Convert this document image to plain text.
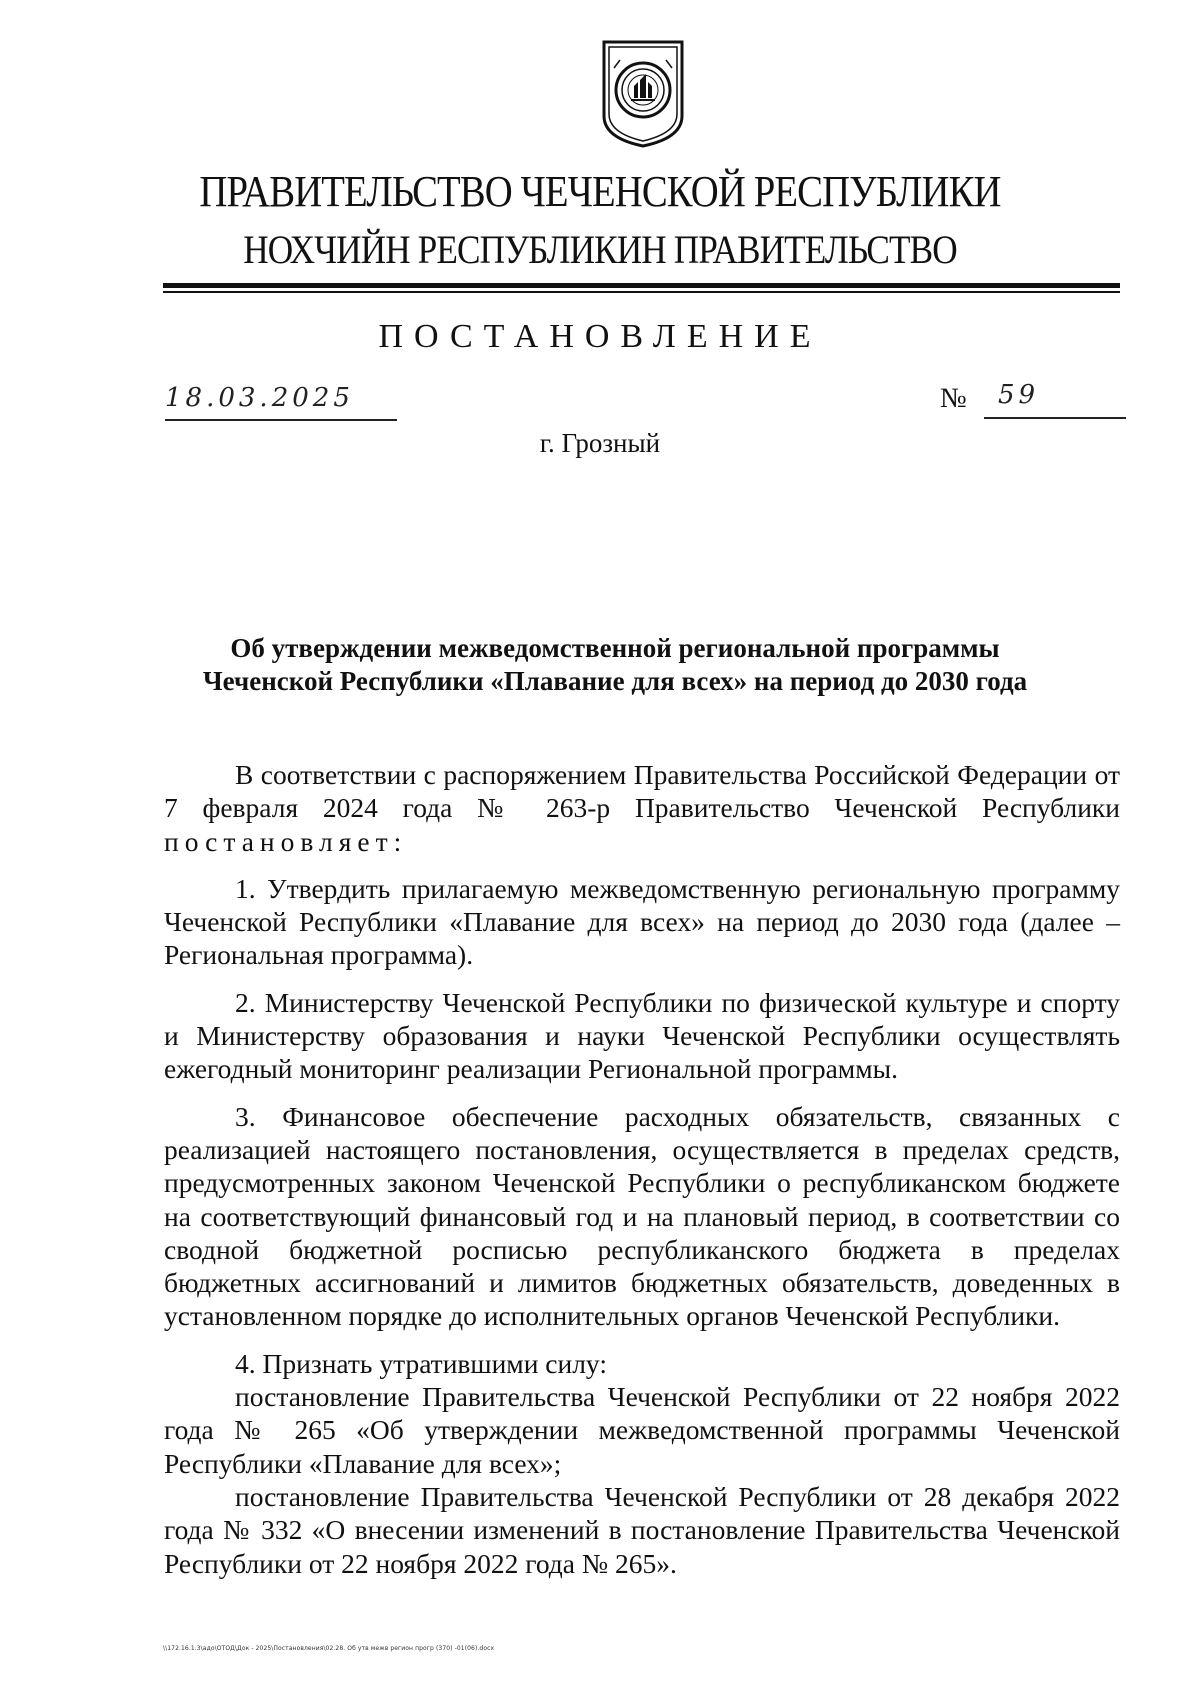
ПРАВИТЕЛЬСТВО ЧЕЧЕНСКОЙ РЕСПУБЛИКИ
НОХЧИЙН РЕСПУБЛИКИН ПРАВИТЕЛЬСТВО
ПОСТАНОВЛЕНИЕ
18.03.2025	№	59
г. Грозный
Об утверждении межведомственной региональной программы
Чеченской Республики «Плавание для всех» на период до 2030 года

В соответствии с распоряжением Правительства Российской Федерации от 7 февраля 2024 года № 263-р Правительство Чеченской Республики постановляет:

1. Утвердить прилагаемую межведомственную региональную программу Чеченской Республики «Плавание для всех» на период до 2030 года (далее – Региональная программа).

2. Министерству Чеченской Республики по физической культуре и спорту и Министерству образования и науки Чеченской Республики осуществлять ежегодный мониторинг реализации Региональной программы.

3. Финансовое обеспечение расходных обязательств, связанных с реализацией настоящего постановления, осуществляется в пределах средств, предусмотренных законом Чеченской Республики о республиканском бюджете на соответствующий финансовый год и на плановый период, в соответствии со сводной бюджетной росписью республиканского бюджета в пределах бюджетных ассигнований и лимитов бюджетных обязательств, доведенных в установленном порядке до исполнительных органов Чеченской Республики.

4. Признать утратившими силу:

постановление Правительства Чеченской Республики от 22 ноября 2022 года № 265 «Об утверждении межведомственной программы Чеченской Республики «Плавание для всех»;

постановление Правительства Чеченской Республики от 28 декабря 2022 года № 332 «О внесении изменений в постановление Правительства Чеченской Республики от 22 ноября 2022 года № 265».

\\172.16.1.3\адо\ОТОД\Док - 2025\Постановления\02.28. Об утв межв регион прогр (370) -01(06).docx
